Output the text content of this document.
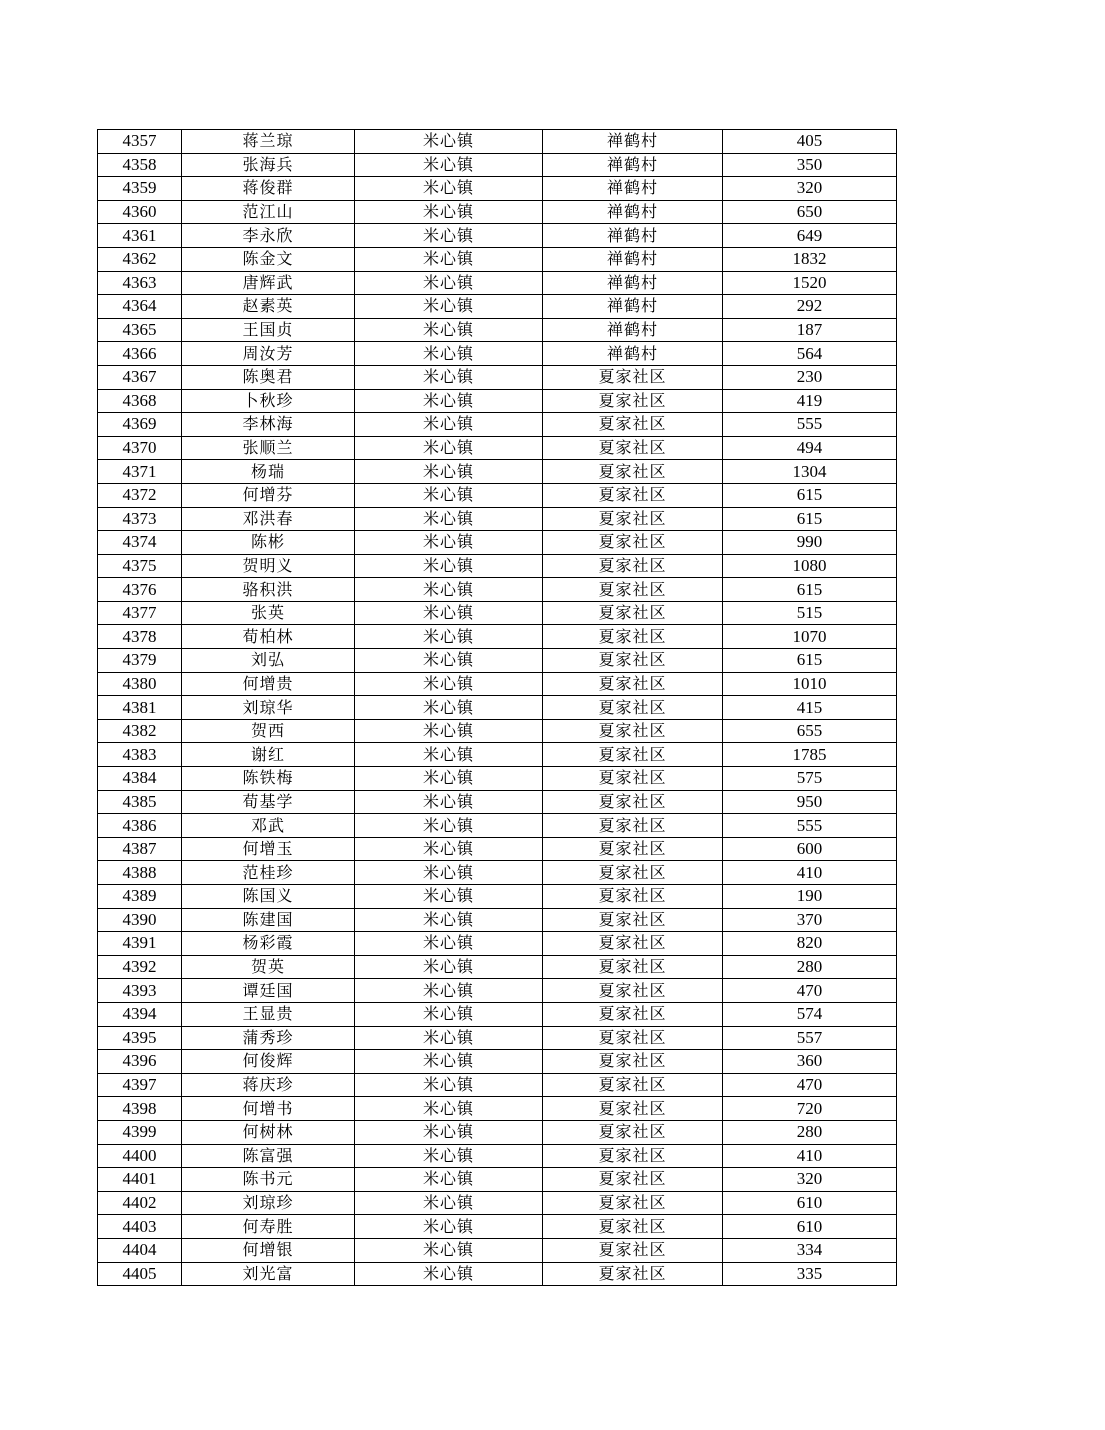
4357	蒋兰琼	米心镇	禅鹤村	405
4358	张海兵	米心镇	禅鹤村	350
4359	蒋俊群	米心镇	禅鹤村	320
4360	范江山	米心镇	禅鹤村	650
4361	李永欣	米心镇	禅鹤村	649
4362	陈金文	米心镇	禅鹤村	1832
4363	唐辉武	米心镇	禅鹤村	1520
4364	赵素英	米心镇	禅鹤村	292
4365	王国贞	米心镇	禅鹤村	187
4366	周汝芳	米心镇	禅鹤村	564
4367	陈奥君	米心镇	夏家社区	230
4368	卜秋珍	米心镇	夏家社区	419
4369	李林海	米心镇	夏家社区	555
4370	张顺兰	米心镇	夏家社区	494
4371	杨瑞	米心镇	夏家社区	1304
4372	何增芬	米心镇	夏家社区	615
4373	邓洪春	米心镇	夏家社区	615
4374	陈彬	米心镇	夏家社区	990
4375	贺明义	米心镇	夏家社区	1080
4376	骆积洪	米心镇	夏家社区	615
4377	张英	米心镇	夏家社区	515
4378	荀柏林	米心镇	夏家社区	1070
4379	刘弘	米心镇	夏家社区	615
4380	何增贵	米心镇	夏家社区	1010
4381	刘琼华	米心镇	夏家社区	415
4382	贺西	米心镇	夏家社区	655
4383	谢红	米心镇	夏家社区	1785
4384	陈铁梅	米心镇	夏家社区	575
4385	荀基学	米心镇	夏家社区	950
4386	邓武	米心镇	夏家社区	555
4387	何增玉	米心镇	夏家社区	600
4388	范桂珍	米心镇	夏家社区	410
4389	陈国义	米心镇	夏家社区	190
4390	陈建国	米心镇	夏家社区	370
4391	杨彩霞	米心镇	夏家社区	820
4392	贺英	米心镇	夏家社区	280
4393	谭廷国	米心镇	夏家社区	470
4394	王显贵	米心镇	夏家社区	574
4395	蒲秀珍	米心镇	夏家社区	557
4396	何俊辉	米心镇	夏家社区	360
4397	蒋庆珍	米心镇	夏家社区	470
4398	何增书	米心镇	夏家社区	720
4399	何树林	米心镇	夏家社区	280
4400	陈富强	米心镇	夏家社区	410
4401	陈书元	米心镇	夏家社区	320
4402	刘琼珍	米心镇	夏家社区	610
4403	何寿胜	米心镇	夏家社区	610
4404	何增银	米心镇	夏家社区	334
4405	刘光富	米心镇	夏家社区	335
